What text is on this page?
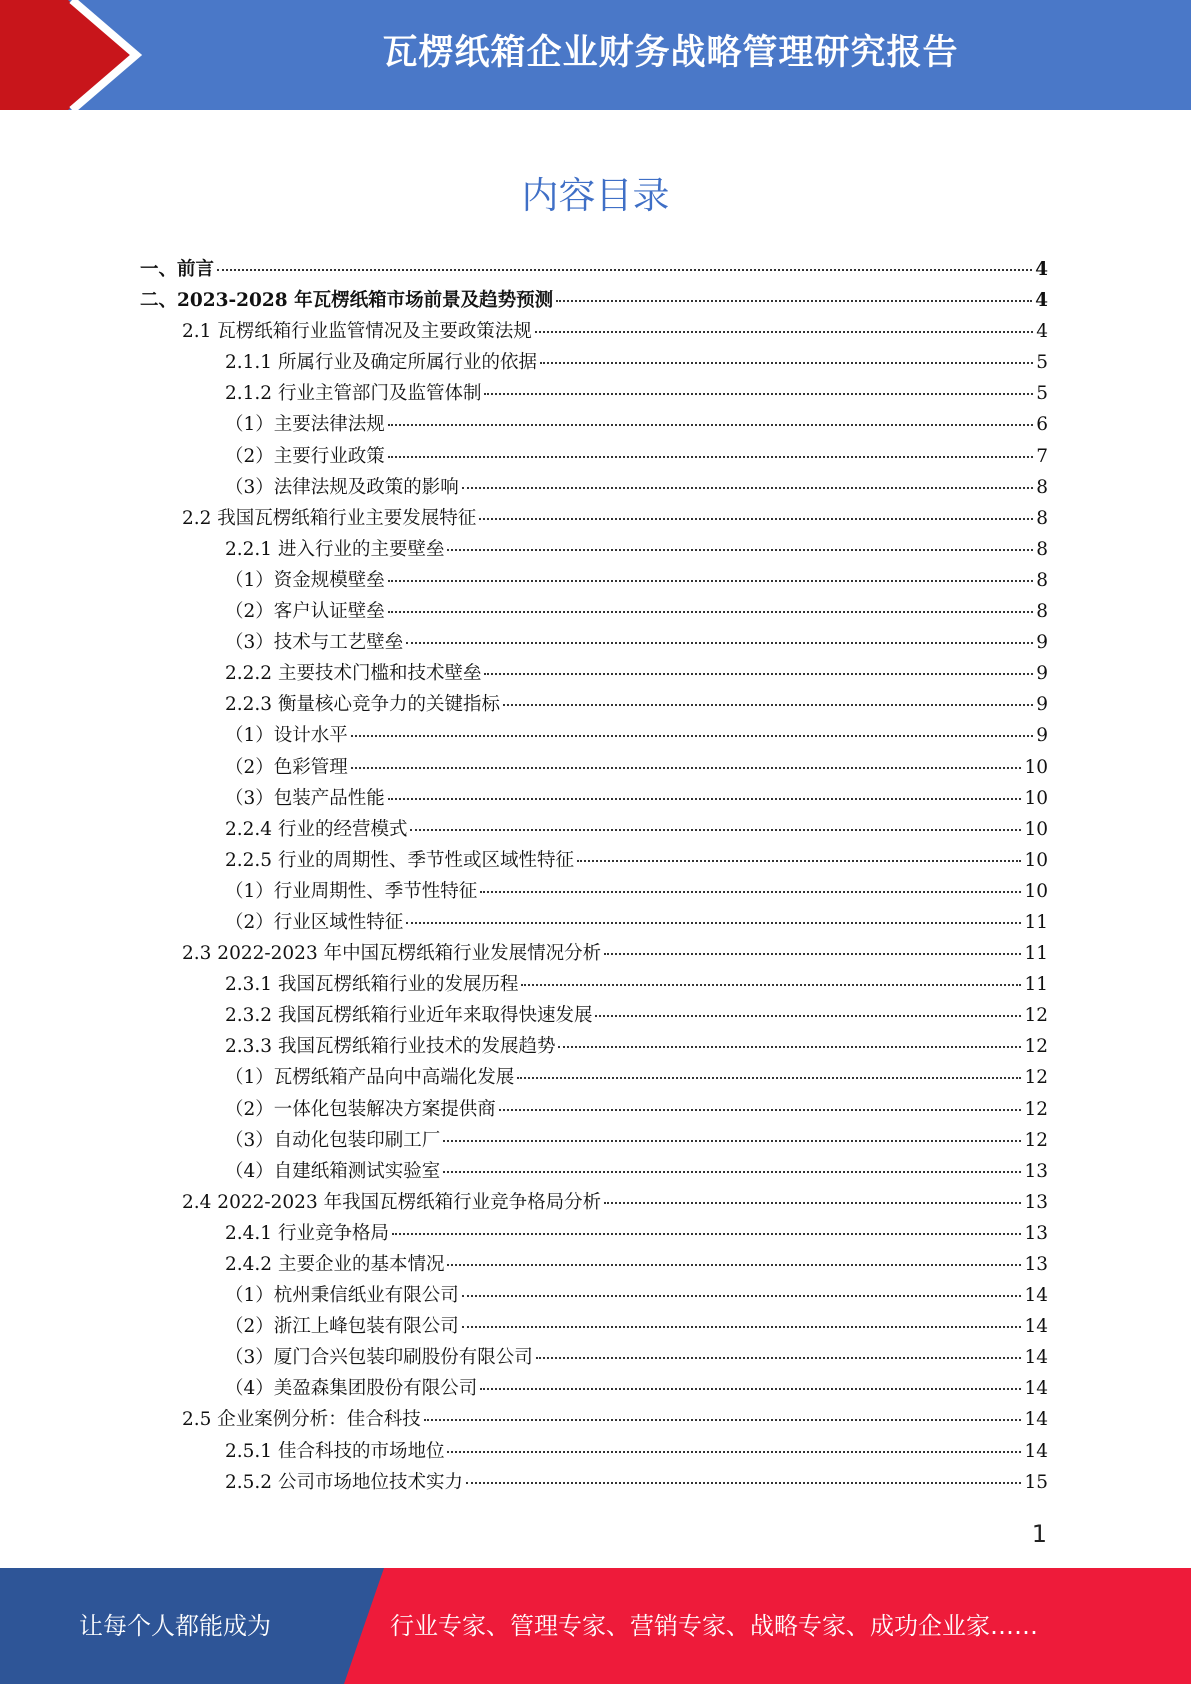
瓦楞纸箱企业财务战略管理研究报告
内容目录
一、前言	4
二、2023-2028 年瓦楞纸箱市场前景及趋势预测	4
2.1 瓦楞纸箱行业监管情况及主要政策法规	4
2.1.1 所属行业及确定所属行业的依据	5
2.1.2 行业主管部门及监管体制	5
（1）主要法律法规	6
（2）主要行业政策	7
（3）法律法规及政策的影响	8
2.2 我国瓦楞纸箱行业主要发展特征	8
2.2.1 进入行业的主要壁垒	8
（1）资金规模壁垒	8
（2）客户认证壁垒	8
（3）技术与工艺壁垒	9
2.2.2 主要技术门槛和技术壁垒	9
2.2.3 衡量核心竞争力的关键指标	9
（1）设计水平	9
（2）色彩管理	10
（3）包装产品性能	10
2.2.4 行业的经营模式	10
2.2.5 行业的周期性、季节性或区域性特征	10
（1）行业周期性、季节性特征	10
（2）行业区域性特征	11
2.3 2022-2023 年中国瓦楞纸箱行业发展情况分析	11
2.3.1 我国瓦楞纸箱行业的发展历程	11
2.3.2 我国瓦楞纸箱行业近年来取得快速发展	12
2.3.3 我国瓦楞纸箱行业技术的发展趋势	12
（1）瓦楞纸箱产品向中高端化发展	12
（2）一体化包装解决方案提供商	12
（3）自动化包装印刷工厂	12
（4）自建纸箱测试实验室	13
2.4 2022-2023 年我国瓦楞纸箱行业竞争格局分析	13
2.4.1 行业竞争格局	13
2.4.2 主要企业的基本情况	13
（1）杭州秉信纸业有限公司	14
（2）浙江上峰包装有限公司	14
（3）厦门合兴包装印刷股份有限公司	14
（4）美盈森集团股份有限公司	14
2.5 企业案例分析：佳合科技	14
2.5.1 佳合科技的市场地位	14
2.5.2 公司市场地位技术实力	15
1
让每个人都能成为	行业专家、管理专家、营销专家、战略专家、成功企业家……
